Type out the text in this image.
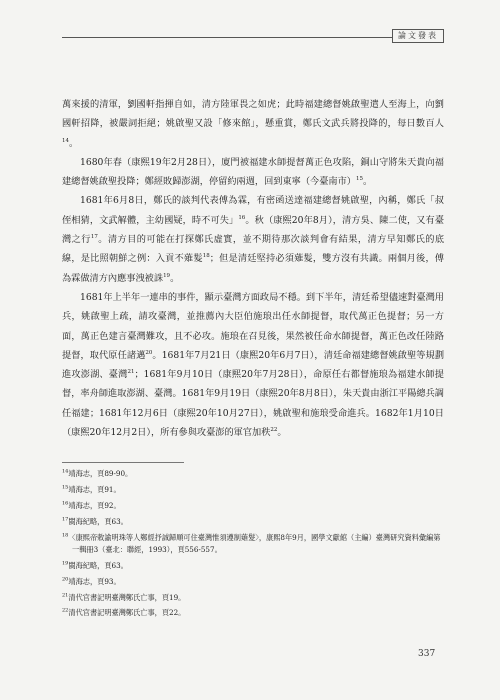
論文發表

萬來援的清軍，劉國軒指揮自如，清方陸軍畏之如虎；此時福建總督姚啟聖遣人至海上，向劉國軒招降，被嚴詞拒絕；姚啟聖又設「修來館」，懸重賞，鄭氏文武兵將投降的，每日數百人$^{14}$。

1680年春（康熙19年2月28日），廈門被福建水師提督萬正色攻陷，銅山守將朱天貴向福建總督姚啟聖投降；鄭經敗歸澎湖，停留約兩週，回到東寧（今臺南市）$^{15}$。

1681年6月8日，鄭氏的談判代表傅為霖，有密函送達福建總督姚啟聖，內稱，鄭氏「叔侄相猜，文武解體，主幼國疑，時不可失」$^{16}$。秋（康熙20年8月），清方吳、陳二使，又有臺灣之行$^{17}$。清方目的可能在打探鄭氏虛實，並不期待那次談判會有結果，清方早知鄭氏的底線，是比照朝鮮之例：入貢不薙髮$^{18}$；但是清廷堅持必須薙髮，雙方沒有共識。兩個月後，傅為霖做清方內應事洩被誅$^{19}$。

1681年上半年一連串的事件，顯示臺灣方面政局不穩。到下半年，清廷希望儘速對臺灣用兵，姚啟聖上疏，請攻臺灣，並推薦內大臣伯施琅出任水師提督，取代萬正色提督；另一方面，萬正色建言臺灣難攻，且不必攻。施琅在召見後，果然被任命水師提督，萬正色改任陸路提督，取代原任諸邁$^{20}$。1681年7月21日（康熙20年6月7日），清廷命福建總督姚啟聖等規劃進攻澎湖、臺灣$^{21}$；1681年9月10日（康熙20年7月28日），命原任右都督施琅為福建水師提督，率舟師進取澎湖、臺灣。1681年9月19日（康熙20年8月8日），朱天貴由浙江平陽總兵調任福建；1681年12月6日（康熙20年10月27日），姚啟聖和施琅受命進兵。1682年1月10日（康熙20年12月2日），所有參與攻臺澎的軍官加秩$^{22}$。

$^{14}$靖海志，頁89-90。

$^{15}$靖海志，頁91。

$^{16}$靖海志，頁92。

$^{17}$閩海紀略，頁63。

$^{18}$〈康熙帝敕諭明珠等人鄭經抒誠歸順可住臺灣惟須遵制薙髮〉，康熙8年9月，國學文獻館（主編）臺灣研究資料彙編第一輯冊3（臺北：聯經，1993），頁556-557。

$^{19}$閩海紀略，頁63。

$^{20}$靖海志，頁93。

$^{21}$清代官書記明臺灣鄭氏亡事，頁19。

$^{22}$清代官書記明臺灣鄭氏亡事，頁22。

337
